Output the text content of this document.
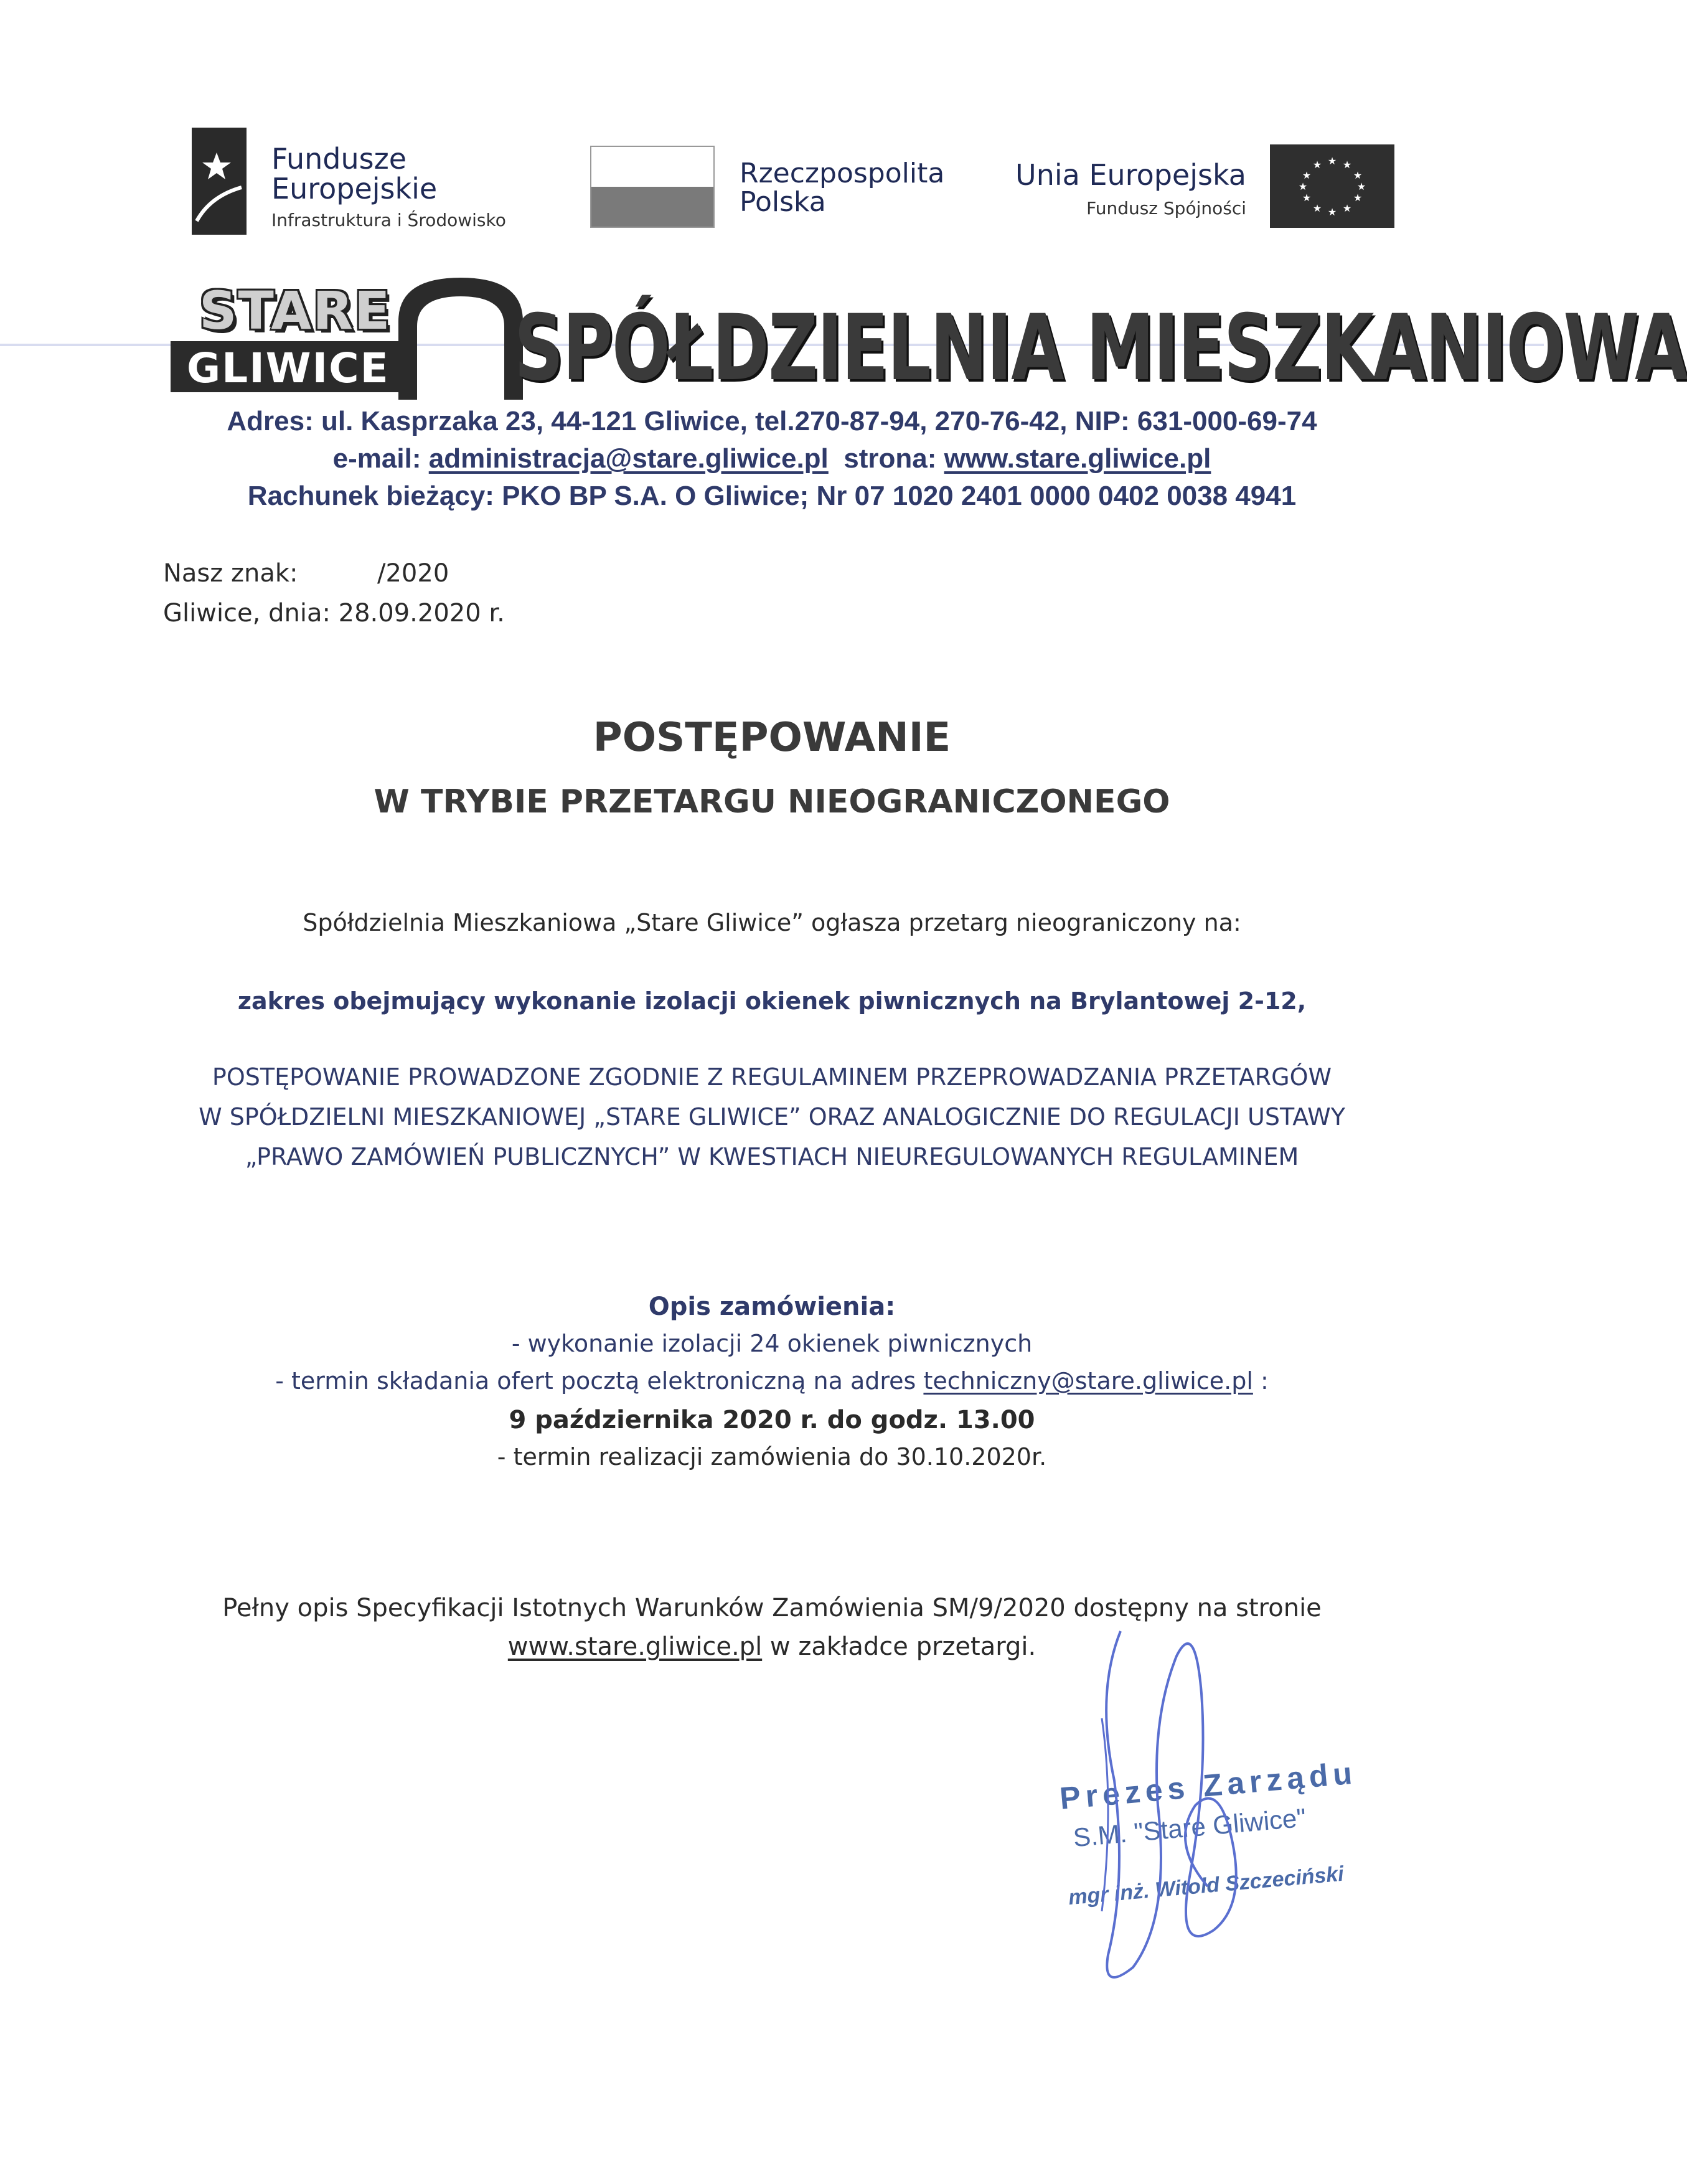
Fundusze
Europejskie
Infrastruktura i Środowisko
Rzeczpospolita
Polska
Unia Europejska
Fundusz Spójności
★ ★
★
★
★
★
★
★
★
★
★
★
STARE
GLIWICE SPÓŁDZIELNIA MIESZKANIOWA
Adres: ul. Kasprzaka 23, 44-121 Gliwice, tel.270-87-94, 270-76-42, NIP: 631-000-69-74
e-mail: administracja@stare.gliwice.pl strona: www.stare.gliwice.pl
Rachunek bieżący: PKO BP S.A. O Gliwice; Nr 07 1020 2401 0000 0402 0038 4941
Nasz znak:	/2020
Gliwice, dnia: 28.09.2020 r.
POSTĘPOWANIE
W TRYBIE PRZETARGU NIEOGRANICZONEGO
Spółdzielnia Mieszkaniowa „Stare Gliwice” ogłasza przetarg nieograniczony na:
zakres obejmujący wykonanie izolacji okienek piwnicznych na Brylantowej 2-12,
POSTĘPOWANIE PROWADZONE ZGODNIE Z REGULAMINEM PRZEPROWADZANIA PRZETARGÓW
W SPÓŁDZIELNI MIESZKANIOWEJ „STARE GLIWICE” ORAZ ANALOGICZNIE DO REGULACJI USTAWY
„PRAWO ZAMÓWIEŃ PUBLICZNYCH” W KWESTIACH NIEUREGULOWANYCH REGULAMINEM
Opis zamówienia:
- wykonanie izolacji 24 okienek piwnicznych
- termin składania ofert pocztą elektroniczną na adres techniczny@stare.gliwice.pl :
9 października 2020 r. do godz. 13.00
- termin realizacji zamówienia do 30.10.2020r.
Pełny opis Specyfikacji Istotnych Warunków Zamówienia SM/9/2020 dostępny na stronie
www.stare.gliwice.pl w zakładce przetargi.
Prezes Zarządu
S.M. "Stare Gliwice"
mgr inż. Witold Szczeciński
